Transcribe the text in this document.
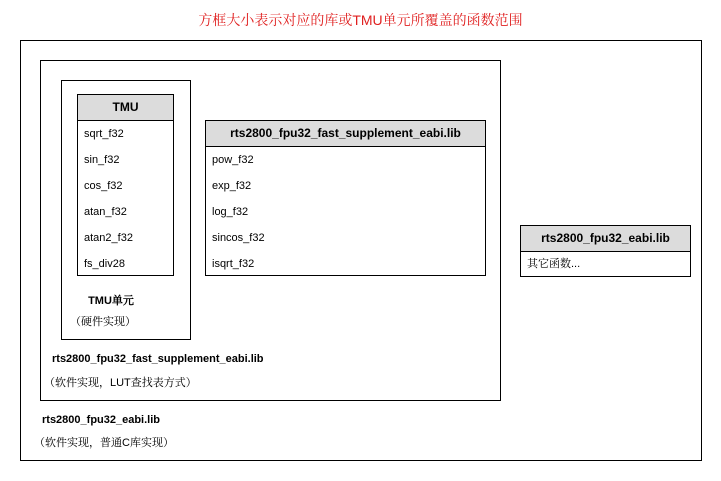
方框大小表示对应的库或TMU单元所覆盖的函数范围
TMU
sqrt_f32
sin_f32
cos_f32
atan_f32
atan2_f32
fs_div28
TMU单元
（硬件实现）
rts2800_fpu32_fast_supplement_eabi.lib
pow_f32
exp_f32
log_f32
sincos_f32
isqrt_f32
rts2800_fpu32_fast_supplement_eabi.lib
（软件实现，LUT查找表方式）
rts2800_fpu32_eabi.lib
其它函数...
rts2800_fpu32_eabi.lib
（软件实现，普通C库实现）
